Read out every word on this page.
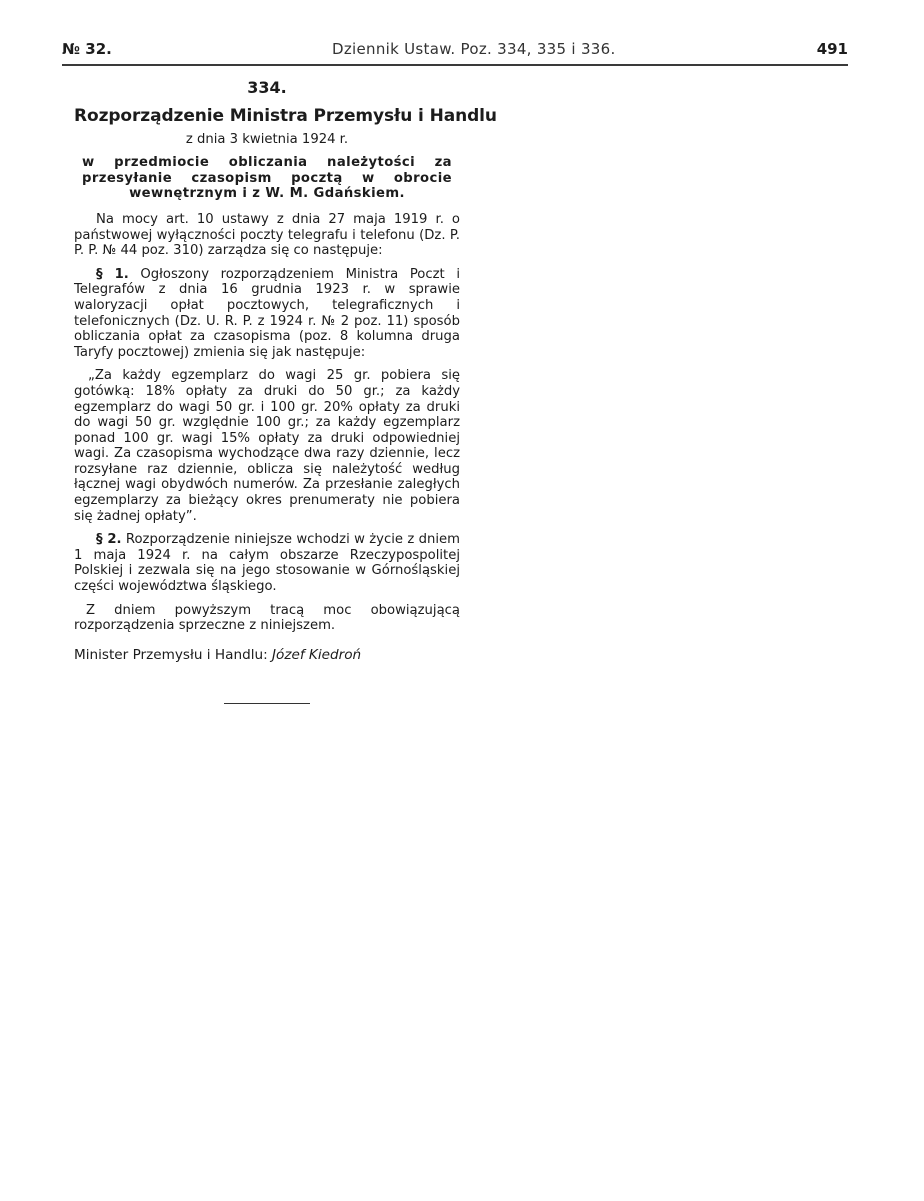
№ 32.	Dziennik Ustaw. Poz. 334, 335 i 336.	491
334.
Rozporządzenie Ministra Przemysłu i Handlu
z dnia 3 kwietnia 1924 r.
w przedmiocie obliczania należytości za przesyłanie czasopism pocztą w obrocie wewnętrznym i z W. M. Gdańskiem.

Na mocy art. 10 ustawy z dnia 27 maja 1919 r. o państwowej wyłączności poczty telegrafu i telefonu (Dz. P. P. P. № 44 poz. 310) zarządza się co następuje:

§ 1. Ogłoszony rozporządzeniem Ministra Poczt i Telegrafów z dnia 16 grudnia 1923 r. w sprawie waloryzacji opłat pocztowych, telegraficznych i telefonicznych (Dz. U. R. P. z 1924 r. № 2 poz. 11) sposób obliczania opłat za czasopisma (poz. 8 kolumna druga Taryfy pocztowej) zmienia się jak następuje:

„Za każdy egzemplarz do wagi 25 gr. pobiera się gotówką: 18% opłaty za druki do 50 gr.; za każdy egzemplarz do wagi 50 gr. i 100 gr. 20% opłaty za druki do wagi 50 gr. względnie 100 gr.; za każdy egzemplarz ponad 100 gr. wagi 15% opłaty za druki odpowiedniej wagi. Za czasopisma wychodzące dwa razy dziennie, lecz rozsyłane raz dziennie, oblicza się należytość według łącznej wagi obydwóch numerów. Za przesłanie zaległych egzemplarzy za bieżący okres prenumeraty nie pobiera się żadnej opłaty”.

§ 2. Rozporządzenie niniejsze wchodzi w życie z dniem 1 maja 1924 r. na całym obszarze Rzeczypospolitej Polskiej i zezwala się na jego stosowanie w Górnośląskiej części województwa śląskiego.

Z dniem powyższym tracą moc obowiązującą rozporządzenia sprzeczne z niniejszem.

Minister Przemysłu i Handlu: Józef Kiedroń
